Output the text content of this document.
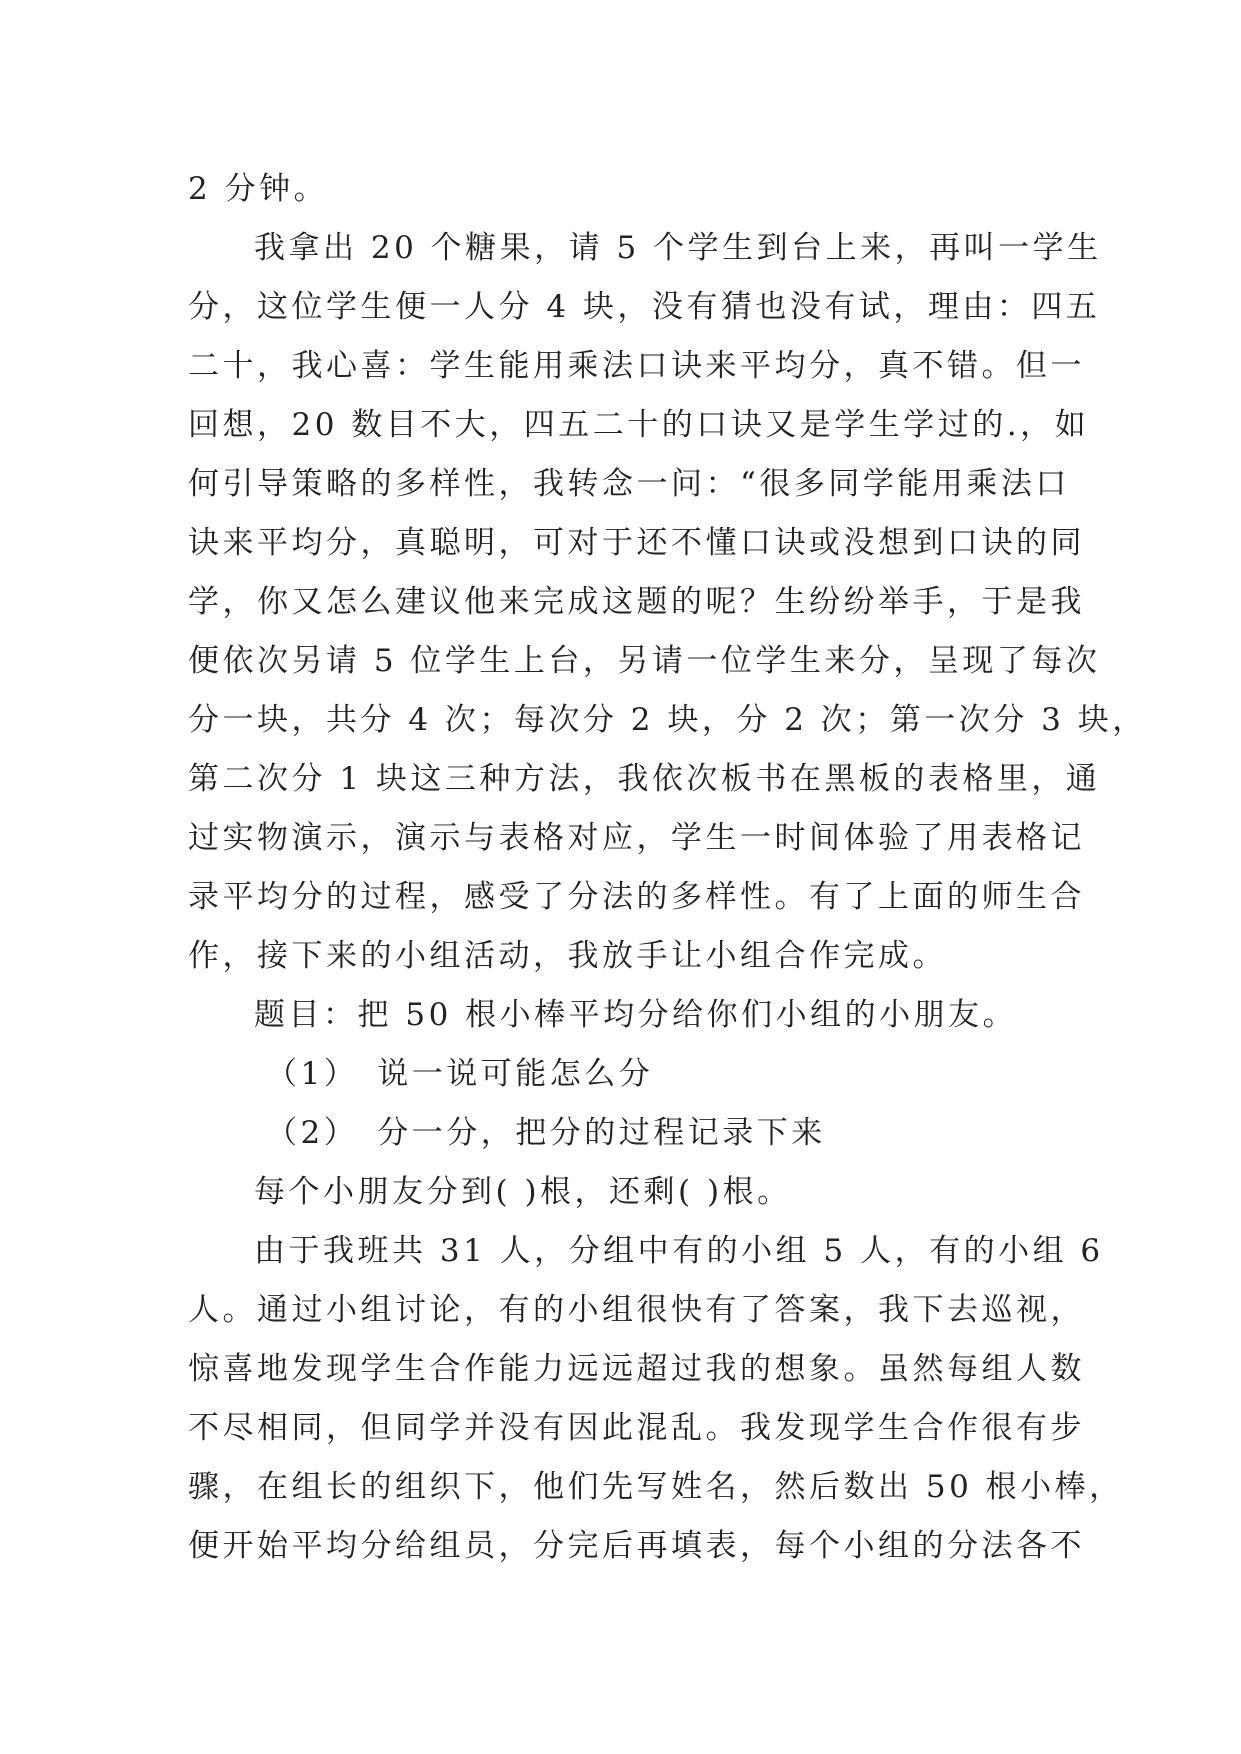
2 分钟。
我拿出 20 个糖果，请 5 个学生到台上来，再叫一学生
分，这位学生便一人分 4 块，没有猜也没有试，理由：四五
二十，我心喜：学生能用乘法口诀来平均分，真不错。但一
回想，20 数目不大，四五二十的口诀又是学生学过的.，如
何引导策略的多样性，我转念一问：“很多同学能用乘法口
诀来平均分，真聪明，可对于还不懂口诀或没想到口诀的同
学，你又怎么建议他来完成这题的呢？生纷纷举手，于是我
便依次另请 5 位学生上台，另请一位学生来分，呈现了每次
分一块，共分 4 次；每次分 2 块，分 2 次；第一次分 3 块，
第二次分 1 块这三种方法，我依次板书在黑板的表格里，通
过实物演示，演示与表格对应，学生一时间体验了用表格记
录平均分的过程，感受了分法的多样性。有了上面的师生合
作，接下来的小组活动，我放手让小组合作完成。
题目：把 50 根小棒平均分给你们小组的小朋友。
（1）　说一说可能怎么分
（2）　分一分，把分的过程记录下来
每个小朋友分到( )根，还剩( )根。
由于我班共 31 人，分组中有的小组 5 人，有的小组 6
人。通过小组讨论，有的小组很快有了答案，我下去巡视，
惊喜地发现学生合作能力远远超过我的想象。虽然每组人数
不尽相同，但同学并没有因此混乱。我发现学生合作很有步
骤，在组长的组织下，他们先写姓名，然后数出 50 根小棒，
便开始平均分给组员，分完后再填表，每个小组的分法各不
